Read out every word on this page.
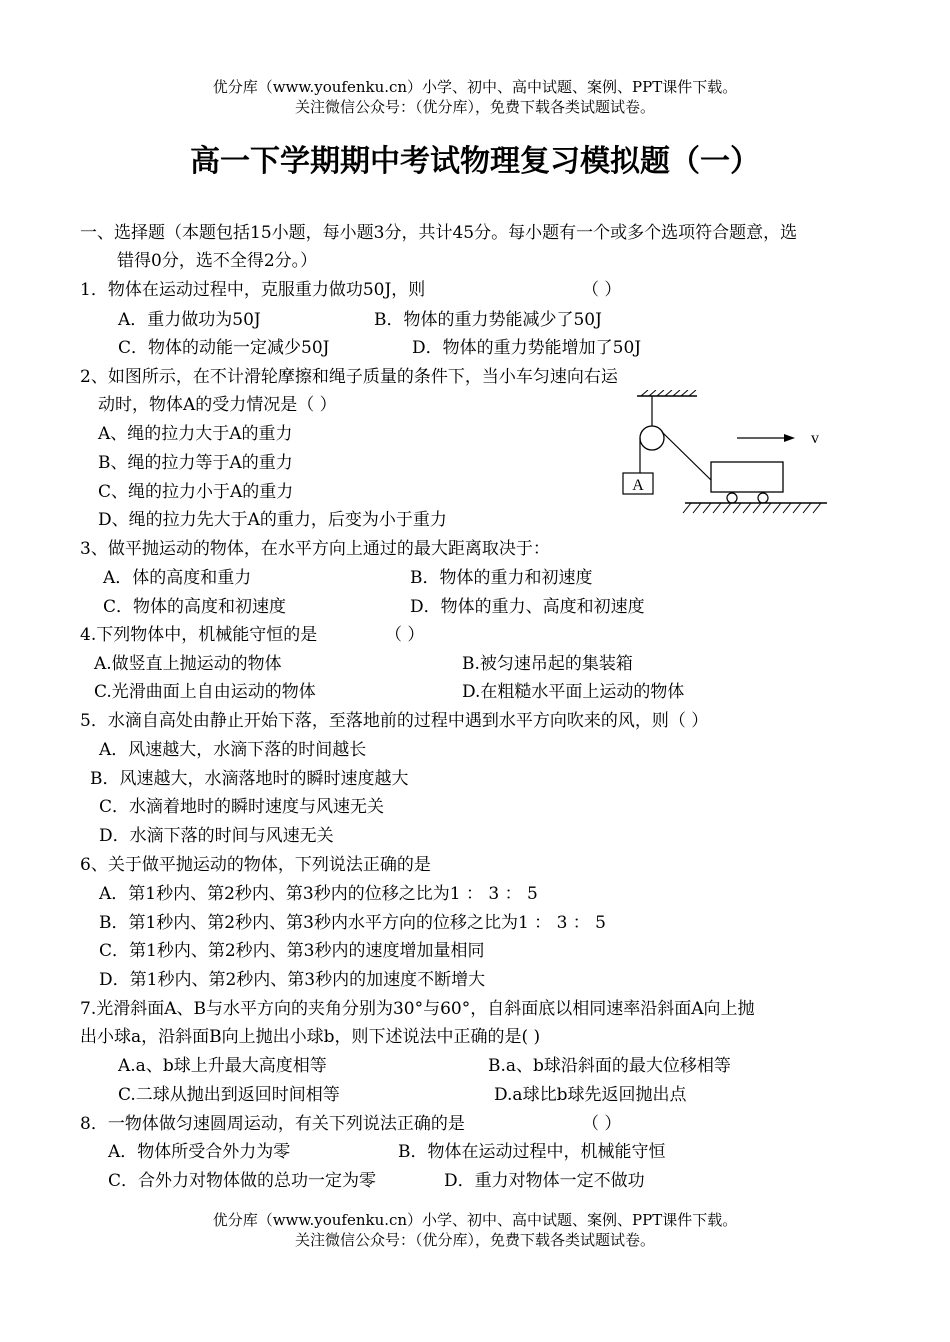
优分库（www.youfenku.cn）小学、初中、高中试题、案例、PPT课件下载。
关注微信公众号：（优分库），免费下载各类试题试卷。
高一下学期期中考试物理复习模拟题（一）
一、选择题（本题包括15小题，每小题3分，共计45分。每小题有一个或多个选项符合题意，选
错得0分，选不全得2分。）
1．物体在运动过程中，克服重力做功50J，则	（ ）
A．重力做功为50J	B．物体的重力势能减少了50J
C．物体的动能一定减少50J	D．物体的重力势能增加了50J
2、如图所示，在不计滑轮摩擦和绳子质量的条件下，当小车匀速向右运
动时，物体A的受力情况是（ ）
A、绳的拉力大于A的重力
B、绳的拉力等于A的重力
C、绳的拉力小于A的重力
D、绳的拉力先大于A的重力，后变为小于重力
A
v
3、做平抛运动的物体，在水平方向上通过的最大距离取决于：
A．体的高度和重力	B．物体的重力和初速度
C．物体的高度和初速度	D．物体的重力、高度和初速度
4.下列物体中，机械能守恒的是	（ ）
A.做竖直上抛运动的物体	B.被匀速吊起的集装箱
C.光滑曲面上自由运动的物体	D.在粗糙水平面上运动的物体
5．水滴自高处由静止开始下落，至落地前的过程中遇到水平方向吹来的风，则（ ）
A．风速越大，水滴下落的时间越长
B．风速越大，水滴落地时的瞬时速度越大
C．水滴着地时的瞬时速度与风速无关
D．水滴下落的时间与风速无关
6、关于做平抛运动的物体，下列说法正确的是
A．第1秒内、第2秒内、第3秒内的位移之比为1 ： 3 ： 5
B．第1秒内、第2秒内、第3秒内水平方向的位移之比为1 ： 3 ： 5
C．第1秒内、第2秒内、第3秒内的速度增加量相同
D．第1秒内、第2秒内、第3秒内的加速度不断增大
7.光滑斜面A、B与水平方向的夹角分别为30°与60°，自斜面底以相同速率沿斜面A向上抛
出小球a，沿斜面B向上抛出小球b，则下述说法中正确的是( )
A.a、b球上升最大高度相等	B.a、b球沿斜面的最大位移相等
C.二球从抛出到返回时间相等	D.a球比b球先返回抛出点
8．一物体做匀速圆周运动，有关下列说法正确的是	（ ）
A．物体所受合外力为零	B．物体在运动过程中，机械能守恒
C．合外力对物体做的总功一定为零	D．重力对物体一定不做功
优分库（www.youfenku.cn）小学、初中、高中试题、案例、PPT课件下载。
关注微信公众号：（优分库），免费下载各类试题试卷。
